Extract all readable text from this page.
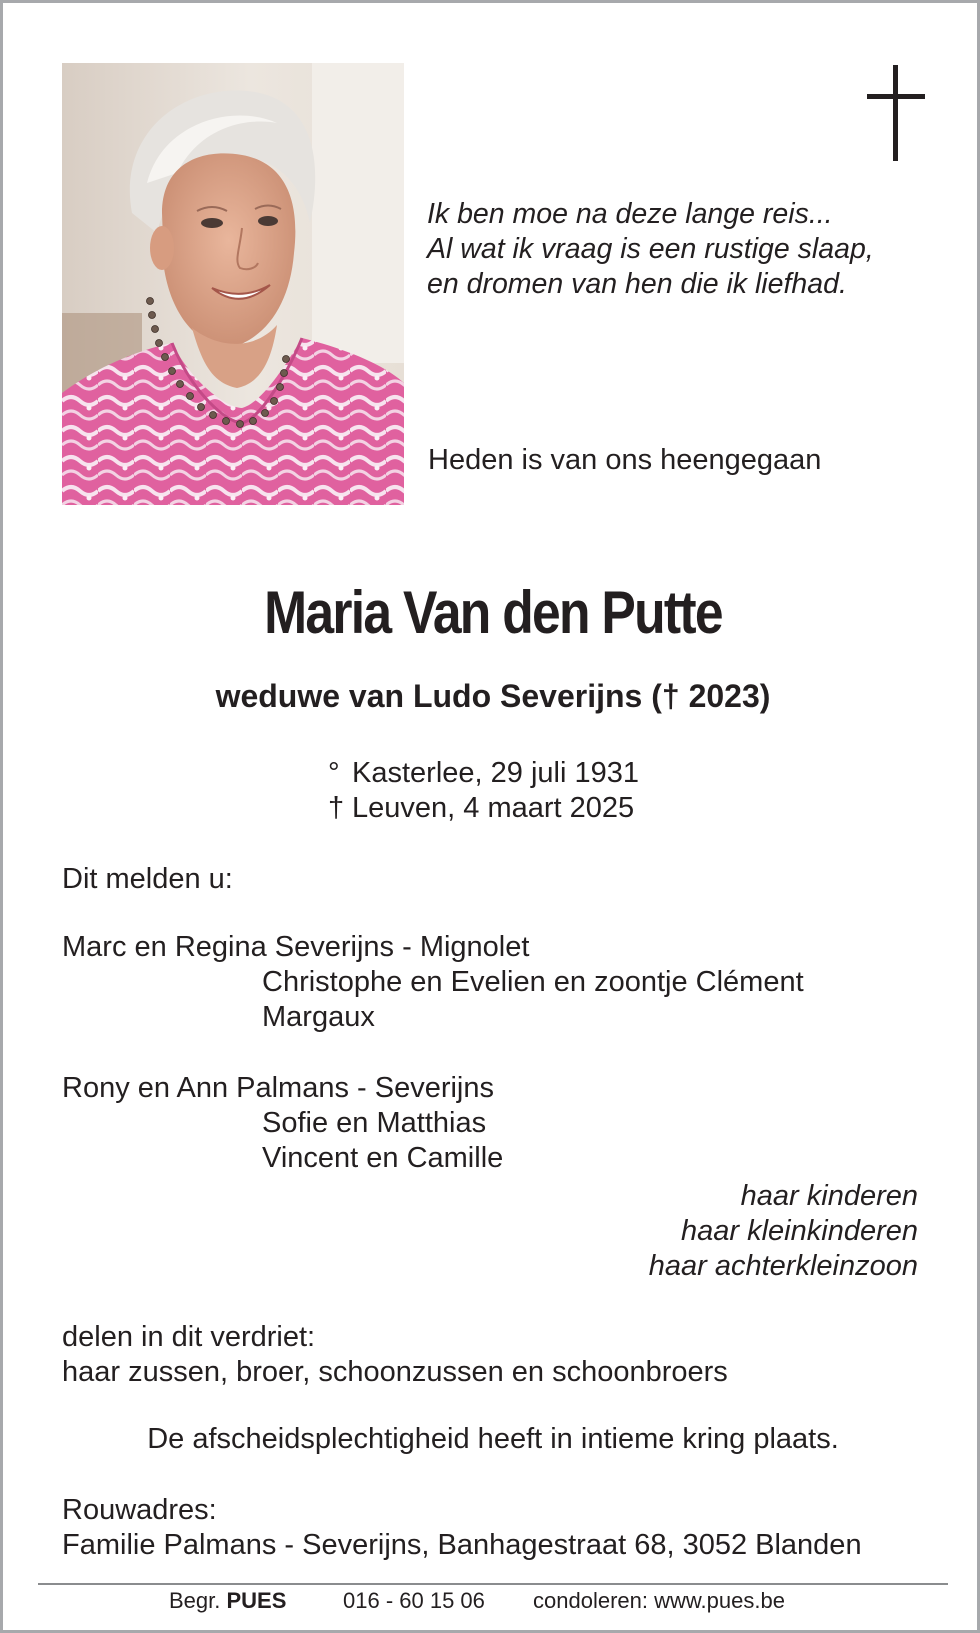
Ik ben moe na deze lange reis...
Al wat ik vraag is een rustige slaap,
en dromen van hen die ik liefhad.
Heden is van ons heengegaan
Maria Van den Putte
weduwe van Ludo Severijns († 2023)
° Kasterlee, 29 juli 1931
† Leuven, 4 maart 2025
Dit melden u:
Marc en Regina Severijns - Mignolet
Christophe en Evelien en zoontje Clément
Margaux
Rony en Ann Palmans - Severijns
Sofie en Matthias
Vincent en Camille
haar kinderen
haar kleinkinderen
haar achterkleinzoon
delen in dit verdriet:
haar zussen, broer, schoonzussen en schoonbroers
De afscheidsplechtigheid heeft in intieme kring plaats.
Rouwadres:
Familie Palmans - Severijns, Banhagestraat 68, 3052 Blanden
Begr. PUES	016 - 60 15 06 condoleren: www.pues.be
